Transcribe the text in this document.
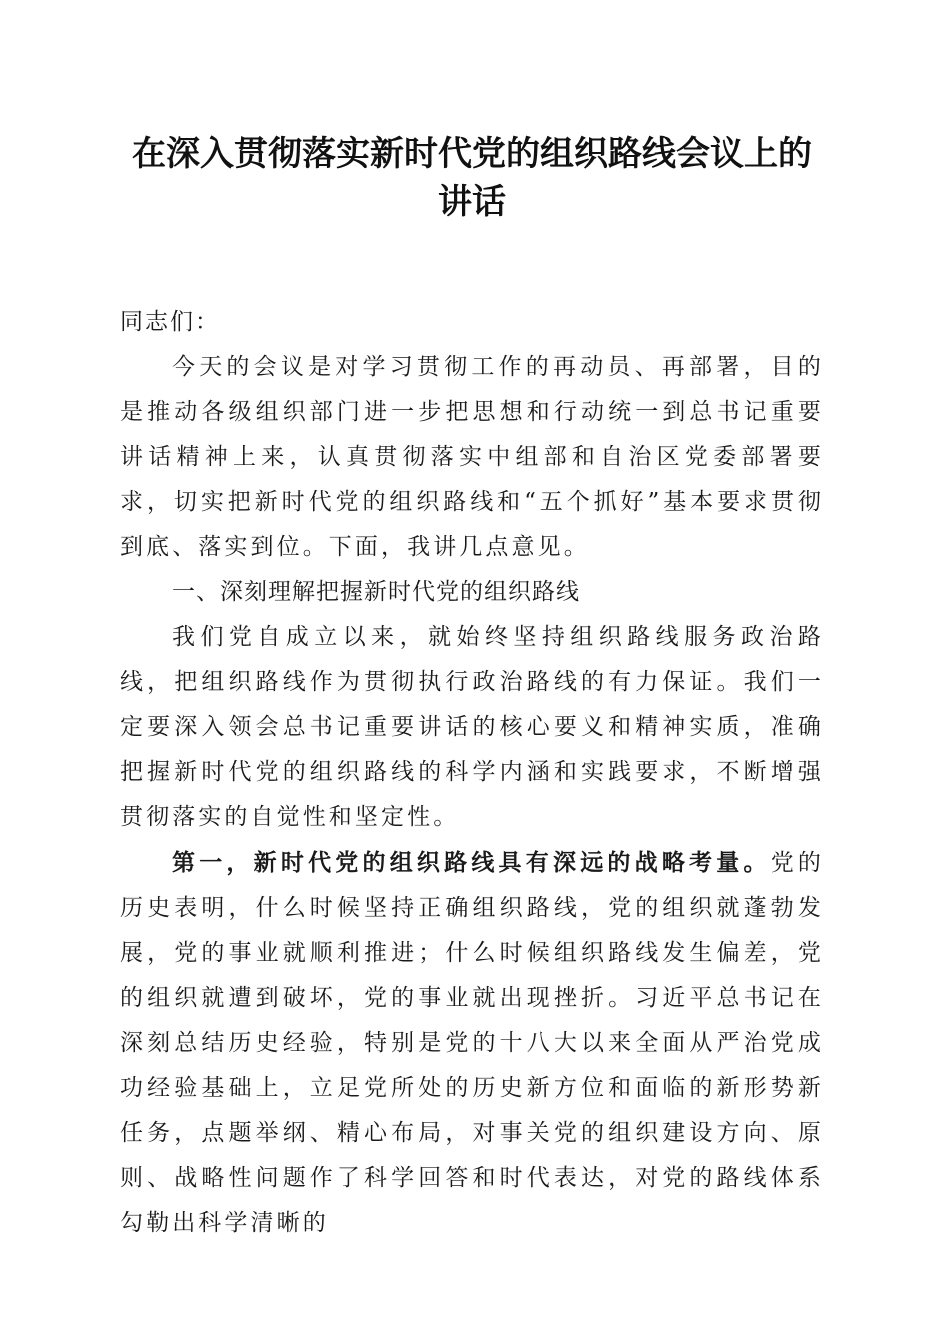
在深入贯彻落实新时代党的组织路线会议上的讲话

同志们：

今天的会议是对学习贯彻工作的再动员、再部署，目的是推动各级组织部门进一步把思想和行动统一到总书记重要讲话精神上来，认真贯彻落实中组部和自治区党委部署要求，切实把新时代党的组织路线和“五个抓好”基本要求贯彻到底、落实到位。下面，我讲几点意见。

一、深刻理解把握新时代党的组织路线

我们党自成立以来，就始终坚持组织路线服务政治路线，把组织路线作为贯彻执行政治路线的有力保证。我们一定要深入领会总书记重要讲话的核心要义和精神实质，准确把握新时代党的组织路线的科学内涵和实践要求，不断增强贯彻落实的自觉性和坚定性。

第一，新时代党的组织路线具有深远的战略考量。党的历史表明，什么时候坚持正确组织路线，党的组织就蓬勃发展，党的事业就顺利推进；什么时候组织路线发生偏差，党的组织就遭到破坏，党的事业就出现挫折。习近平总书记在深刻总结历史经验，特别是党的十八大以来全面从严治党成功经验基础上，立足党所处的历史新方位和面临的新形势新任务，点题举纲、精心布局，对事关党的组织建设方向、原则、战略性问题作了科学回答和时代表达，对党的路线体系勾勒出科学清晰的
